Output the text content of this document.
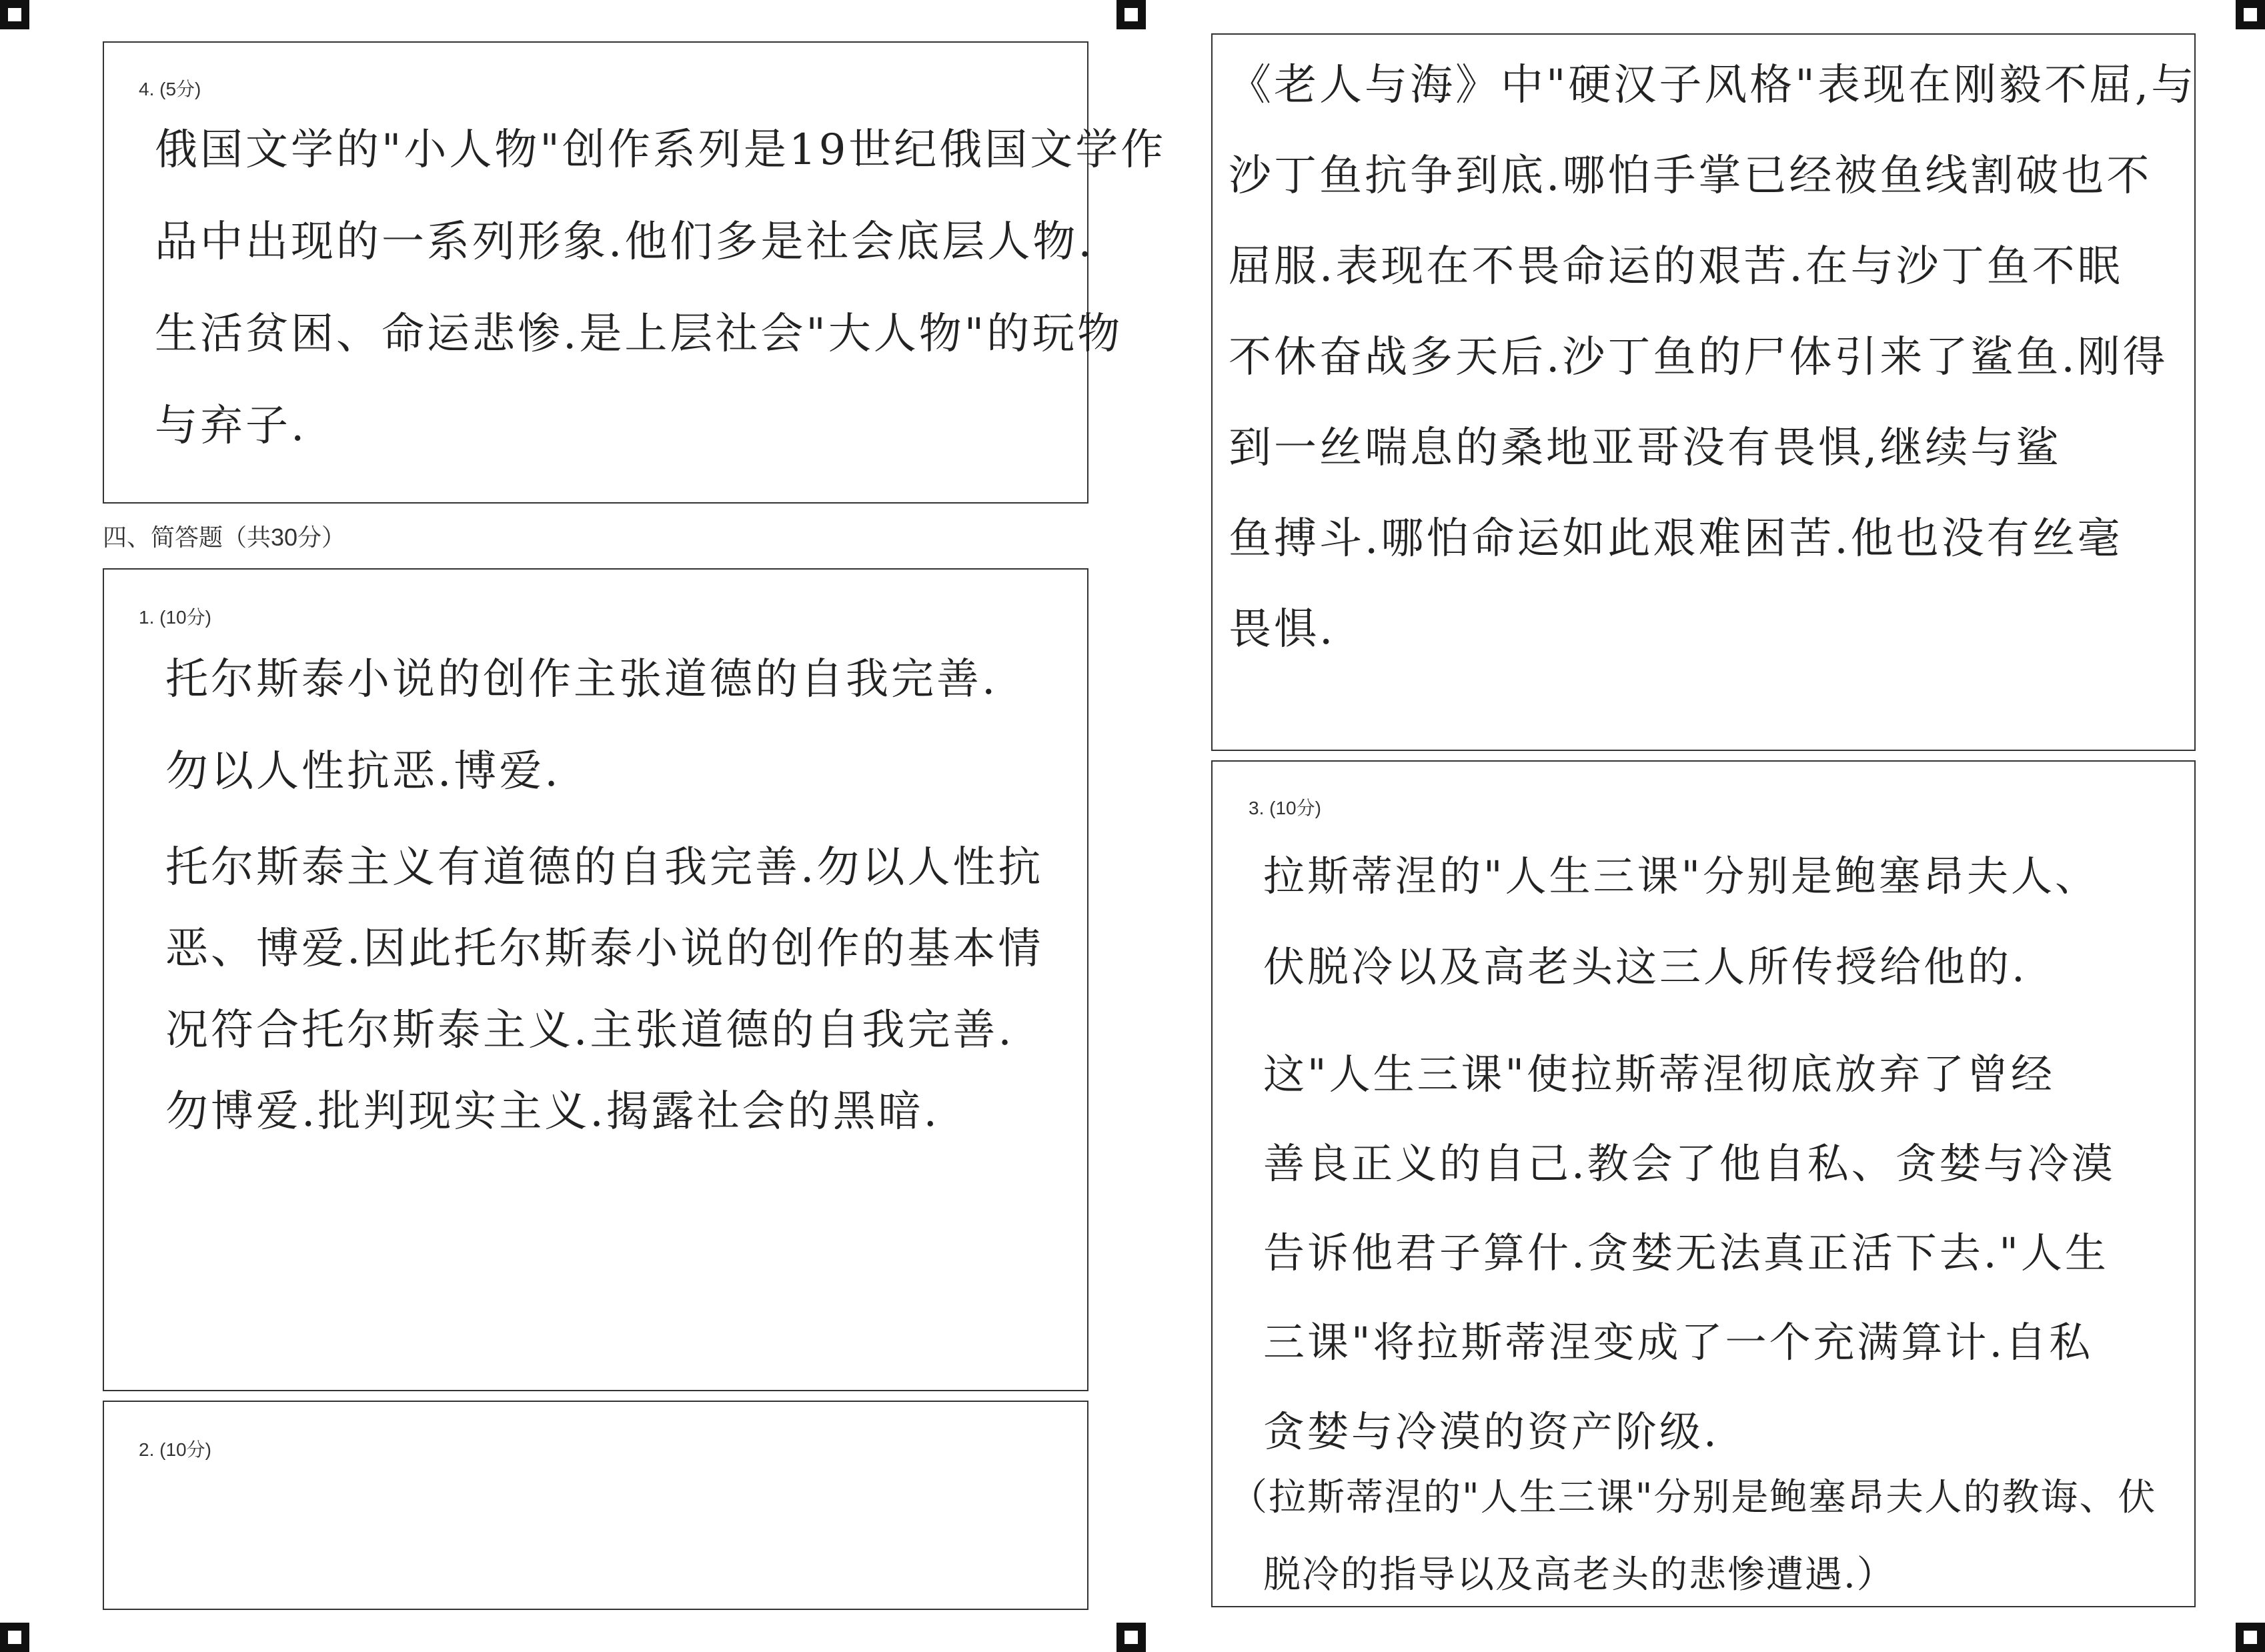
4. (5分)
俄国文学的"小人物"创作系列是19世纪俄国文学作
品中出现的一系列形象.他们多是社会底层人物.
生活贫困、命运悲惨.是上层社会"大人物"的玩物
与弃子.
四、简答题（共30分）
1. (10分)
托尔斯泰小说的创作主张道德的自我完善.
勿以人性抗恶.博爱.
托尔斯泰主义有道德的自我完善.勿以人性抗
恶、博爱.因此托尔斯泰小说的创作的基本情
况符合托尔斯泰主义.主张道德的自我完善.
勿博爱.批判现实主义.揭露社会的黑暗.
2. (10分)
《老人与海》中"硬汉子风格"表现在刚毅不屈,与
沙丁鱼抗争到底.哪怕手掌已经被鱼线割破也不
屈服.表现在不畏命运的艰苦.在与沙丁鱼不眠
不休奋战多天后.沙丁鱼的尸体引来了鲨鱼.刚得
到一丝喘息的桑地亚哥没有畏惧,继续与鲨
鱼搏斗.哪怕命运如此艰难困苦.他也没有丝毫
畏惧.
3. (10分)
拉斯蒂涅的"人生三课"分别是鲍塞昂夫人、
伏脱冷以及高老头这三人所传授给他的.
这"人生三课"使拉斯蒂涅彻底放弃了曾经
善良正义的自己.教会了他自私、贪婪与冷漠
告诉他君子算什.贪婪无法真正活下去."人生
三课"将拉斯蒂涅变成了一个充满算计.自私
贪婪与冷漠的资产阶级.
（拉斯蒂涅的"人生三课"分别是鲍塞昂夫人的教诲、伏
脱冷的指导以及高老头的悲惨遭遇.）
